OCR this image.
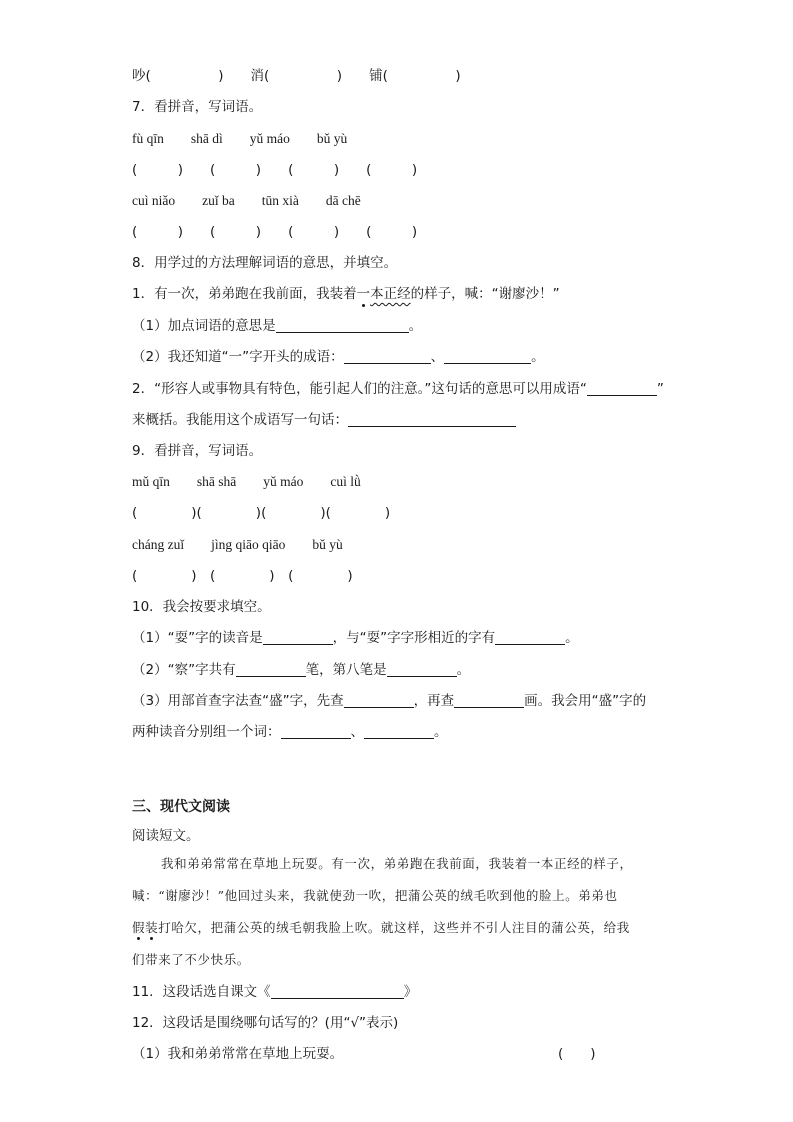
吵(　　　　　)　　消(　　　　　)　　铺(　　　　　)
7．看拼音，写词语。
fù qīn　　shā dì　　yǔ máo　　bǔ yù
(　　　)　　(　　　)　　(　　　)　　(　　　)
cuì niǎo　　zuǐ ba　　tūn xià　　dā chē
(　　　)　　(　　　)　　(　　　)　　(　　　)
8．用学过的方法理解词语的意思，并填空。
1．有一次，弟弟跑在我前面，我装着一本正经的样子，喊：“谢廖沙！”
（1）加点词语的意思是	。
（2）我还知道“一”字开头的成语：	、	。
2．“形容人或事物具有特色，能引起人们的注意。”这句话的意思可以用成语“	”
来概括。我能用这个成语写一句话：
9．看拼音，写词语。
mǔ qīn　　shā shā　　yǔ máo　　cuì lǜ
(　　　　)(　　　　)(　　　　)(　　　　)
cháng zuǐ　　jìng qiāo qiāo　　bǔ yù
(　　　　)　(　　　　)　(　　　　)
10．我会按要求填空。
（1）“耍”字的读音是	，与“耍”字字形相近的字有	。
（2）“察”字共有	笔，第八笔是	。
（3）用部首查字法查“盛”字，先查	，再查	画。我会用“盛”字的
两种读音分别组一个词：	、	。
三、现代文阅读
阅读短文。
我和弟弟常常在草地上玩耍。有一次，弟弟跑在我前面，我装着一本正经的样子，
喊：“谢廖沙！”他回过头来，我就使劲一吹，把蒲公英的绒毛吹到他的脸上。弟弟也
假装打哈欠，把蒲公英的绒毛朝我脸上吹。就这样，这些并不引人注目的蒲公英，给我
们带来了不少快乐。
11．这段话选自课文《	》
12．这段话是围绕哪句话写的？(用“√”表示)
（1）我和弟弟常常在草地上玩耍。	(　　)
